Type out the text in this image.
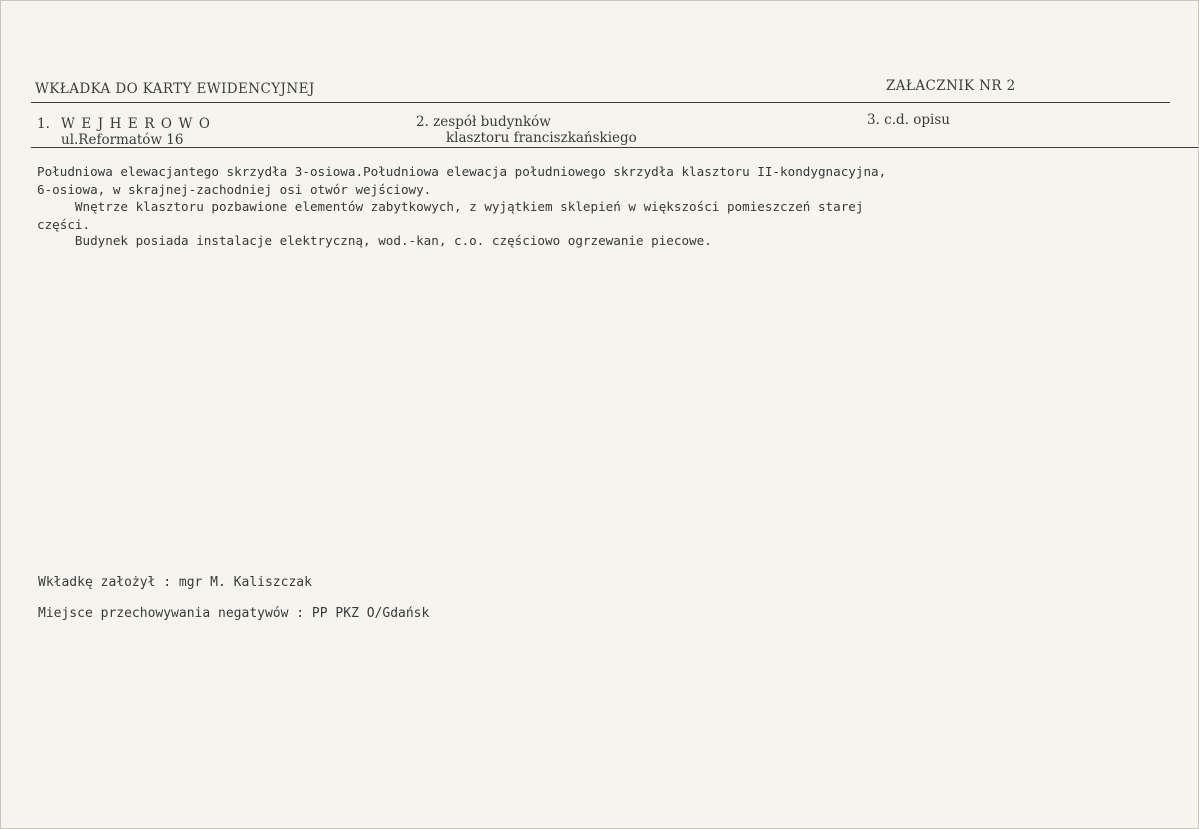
WKŁADKA DO KARTY EWIDENCYJNEJ	ZAŁACZNIK NR 2
1. WEJHEROWO
ul.Reformatów 16
2. zespół budynków
klasztoru franciszkańskiego
3. c.d. opisu
Południowa elewacjantego skrzydła 3-osiowa.Południowa elewacja południowego skrzydła klasztoru II-kondygnacyjna,
6-osiowa, w skrajnej-zachodniej osi otwór wejściowy.
Wnętrze klasztoru pozbawione elementów zabytkowych, z wyjątkiem sklepień w większości pomieszczeń starej
części.
Budynek posiada instalacje elektryczną, wod.-kan, c.o. częściowo ogrzewanie piecowe.
Wkładkę założył : mgr M. Kaliszczak
Miejsce przechowywania negatywów : PP PKZ O/Gdańsk
